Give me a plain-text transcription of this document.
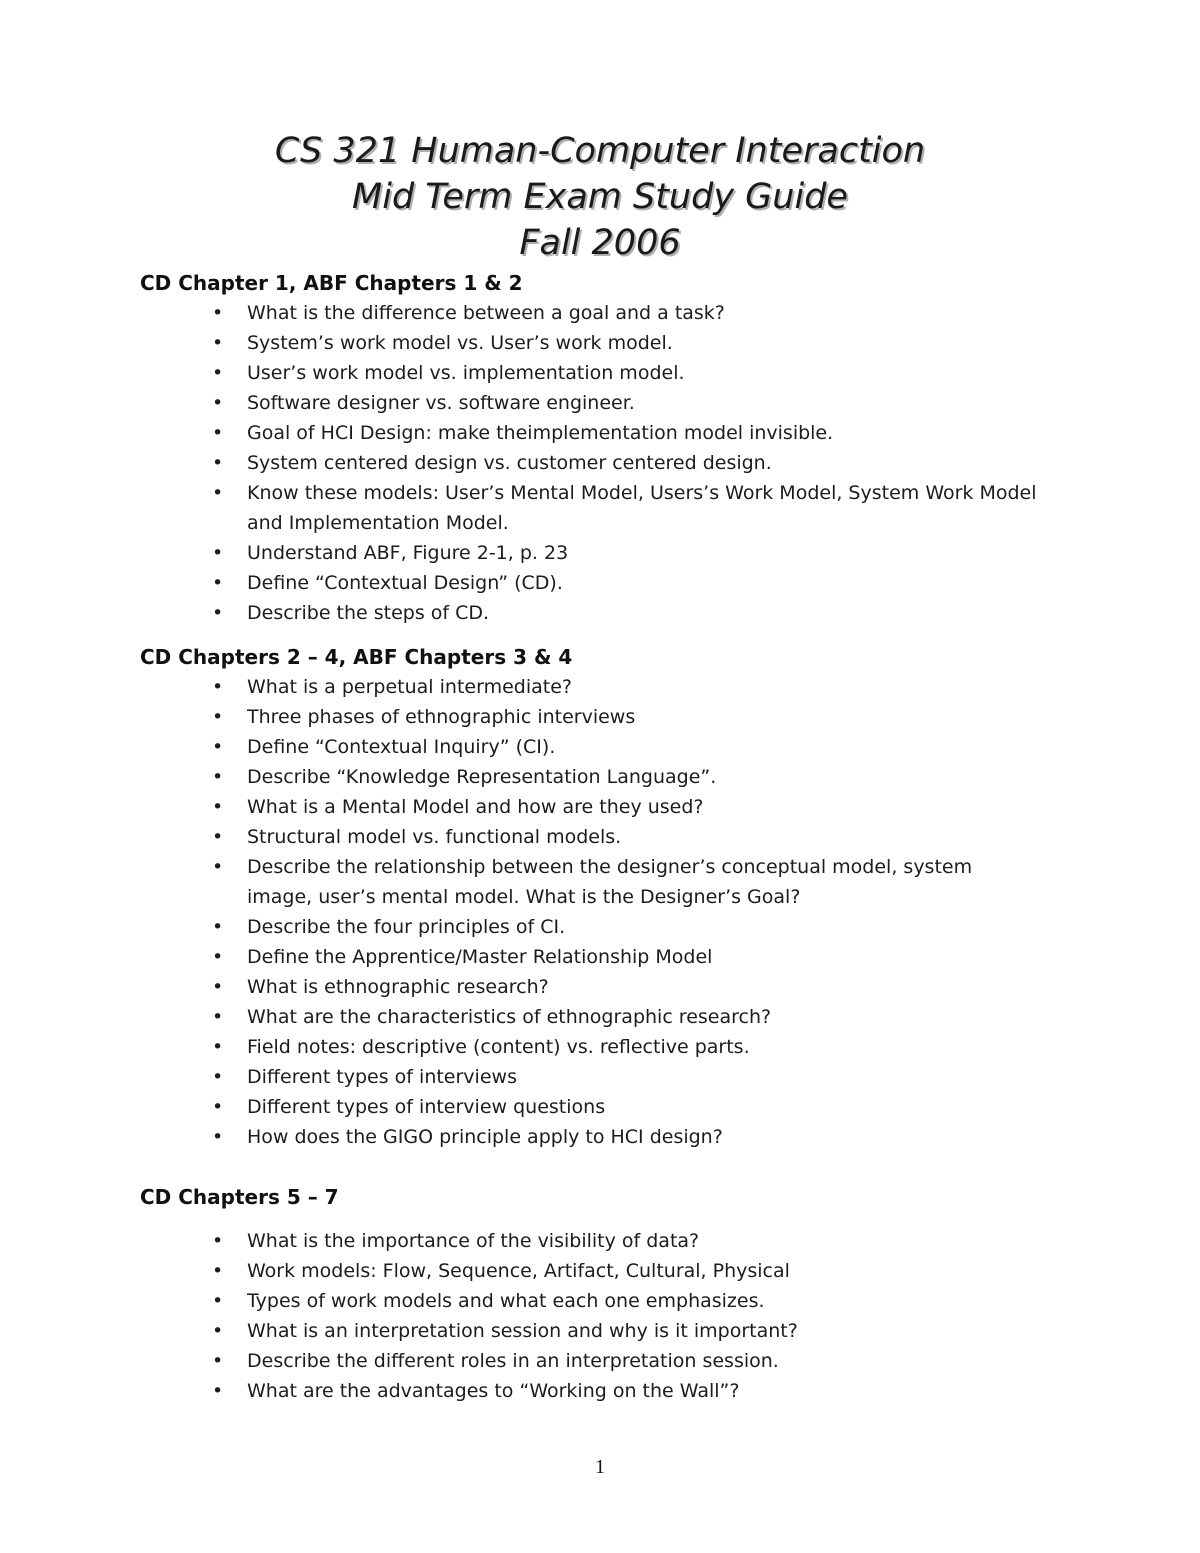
CS 321 Human-Computer Interaction
Mid Term Exam Study Guide
Fall 2006
CD Chapter 1, ABF Chapters 1 & 2
•	What is the difference between a goal and a task?
•	System’s work model vs. User’s work model.
•	User’s work model vs. implementation model.
•	Software designer vs. software engineer.
•	Goal of HCI Design: make theimplementation model invisible.
•	System centered design vs. customer centered design.
•	Know these models: User’s Mental Model, Users’s Work Model, System Work Model and Implementation Model.
•	Understand ABF, Figure 2-1, p. 23
•	Define “Contextual Design” (CD).
•	Describe the steps of CD.
CD Chapters 2 – 4, ABF Chapters 3 & 4
•	What is a perpetual intermediate?
•	Three phases of ethnographic interviews
•	Define “Contextual Inquiry” (CI).
•	Describe “Knowledge Representation Language”.
•	What is a Mental Model and how are they used?
•	Structural model vs. functional models.
•	Describe the relationship between the designer’s conceptual model, system image, user’s mental model. What is the Designer’s Goal?
•	Describe the four principles of CI.
•	Define the Apprentice/Master Relationship Model
•	What is ethnographic research?
•	What are the characteristics of ethnographic research?
•	Field notes: descriptive (content) vs. reflective parts.
•	Different types of interviews
•	Different types of interview questions
•	How does the GIGO principle apply to HCI design?
CD Chapters 5 – 7
•	What is the importance of the visibility of data?
•	Work models: Flow, Sequence, Artifact, Cultural, Physical
•	Types of work models and what each one emphasizes.
•	What is an interpretation session and why is it important?
•	Describe the different roles in an interpretation session.
•	What are the advantages to “Working on the Wall”?
1
